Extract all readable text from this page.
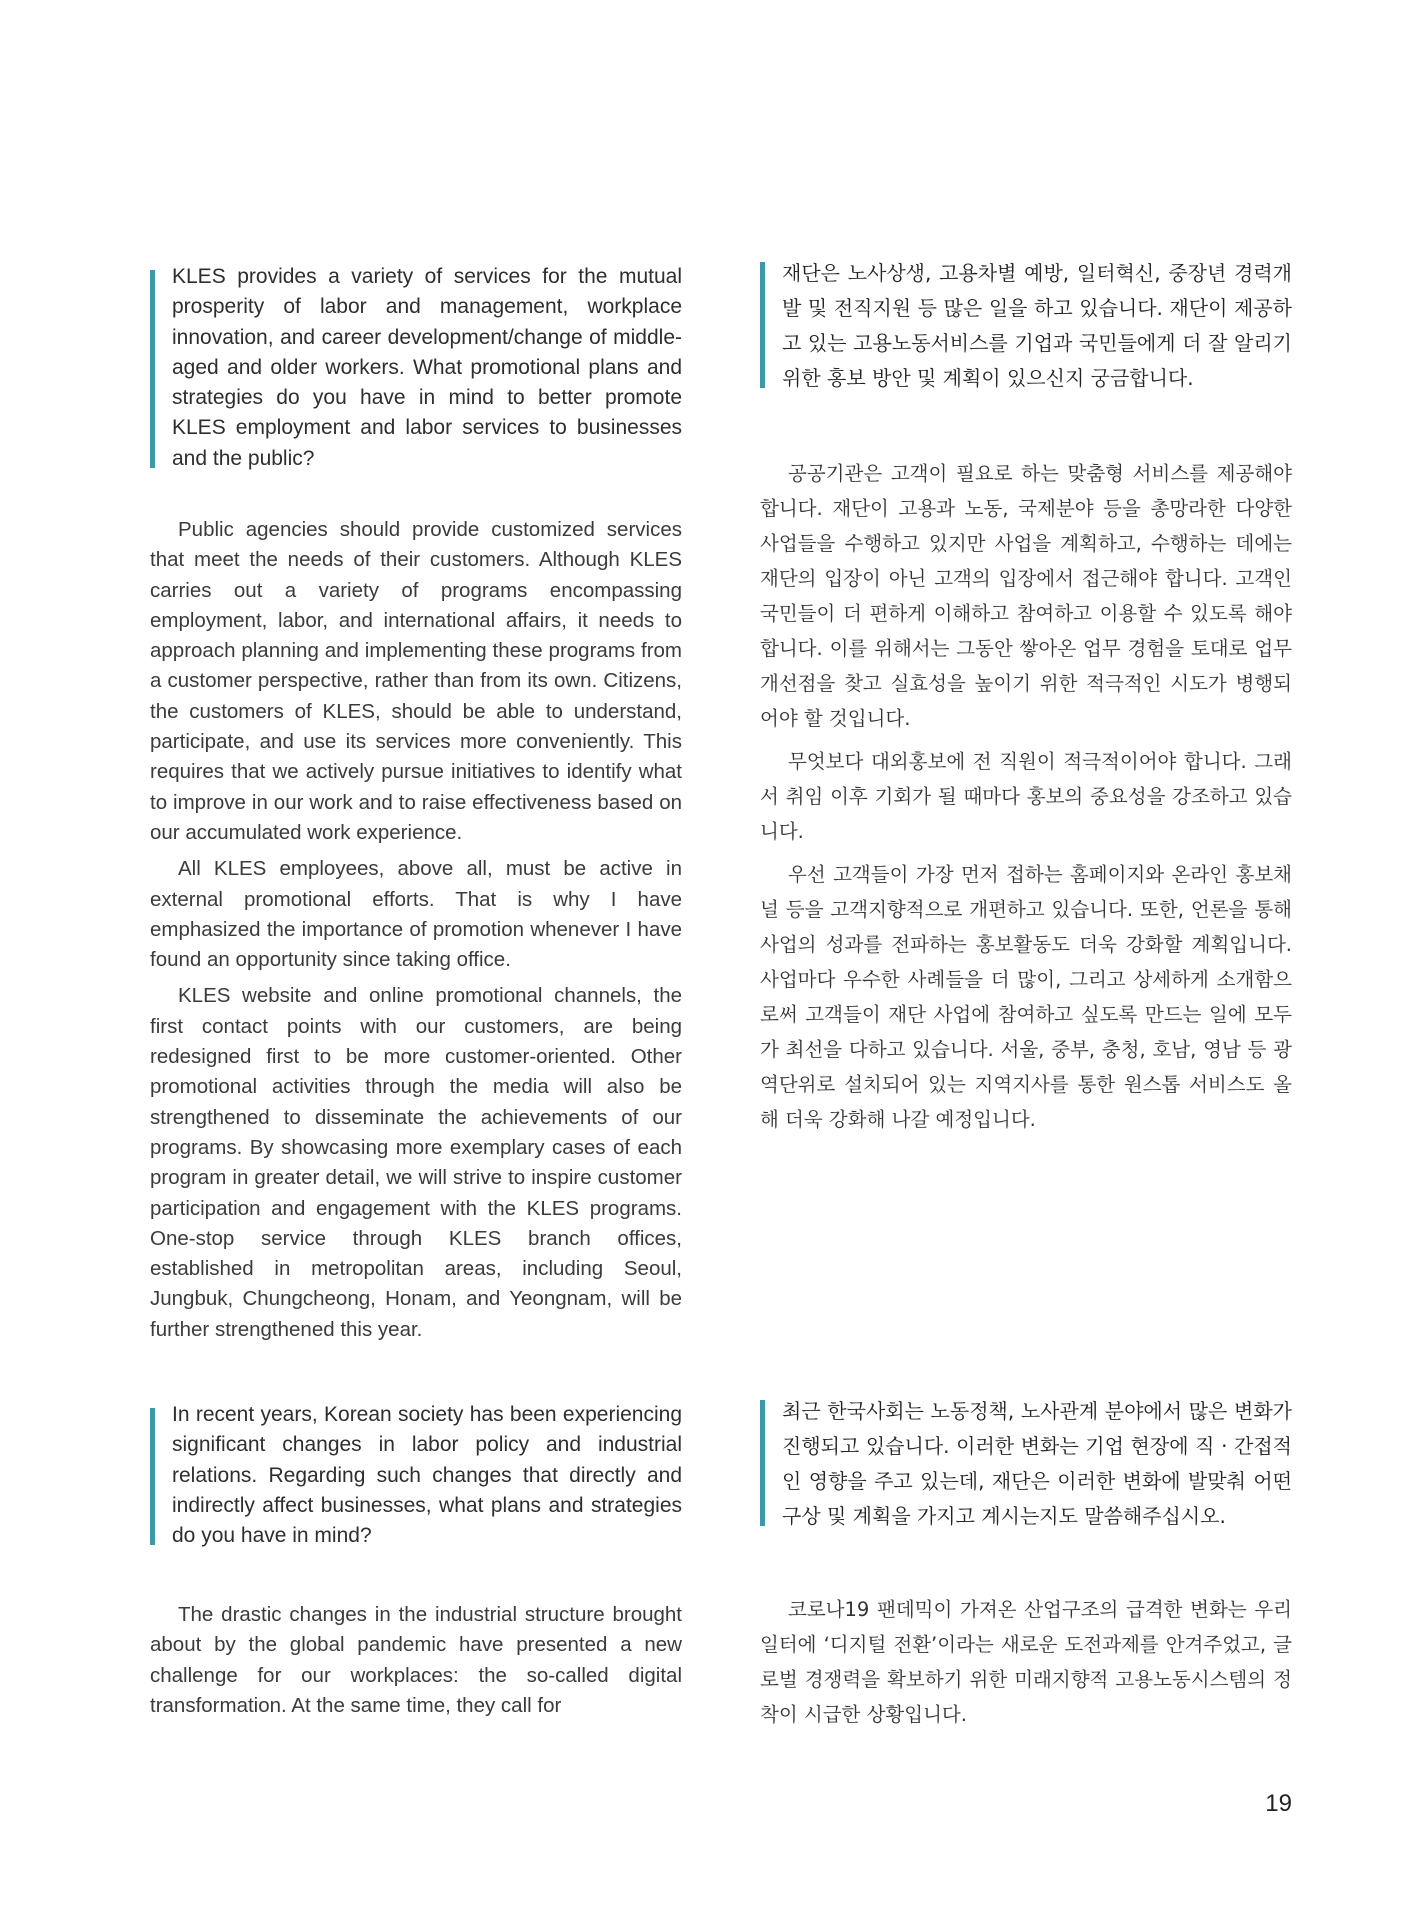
KLES provides a variety of services for the mutual prosperity of labor and management, workplace innovation, and career development/change of middle-aged and older workers. What promotional plans and strategies do you have in mind to better promote KLES employment and labor services to businesses and the public?

Public agencies should provide customized services that meet the needs of their customers. Although KLES carries out a variety of programs encompassing employment, labor, and international affairs, it needs to approach planning and implementing these programs from a customer perspective, rather than from its own. Citizens, the customers of KLES, should be able to understand, participate, and use its services more conveniently. This requires that we actively pursue initiatives to identify what to improve in our work and to raise effectiveness based on our accumulated work experience.

All KLES employees, above all, must be active in external promotional efforts. That is why I have emphasized the importance of promotion whenever I have found an opportunity since taking office.

KLES website and online promotional channels, the first contact points with our customers, are being redesigned first to be more customer-oriented. Other promotional activities through the media will also be strengthened to disseminate the achievements of our programs. By showcasing more exemplary cases of each program in greater detail, we will strive to inspire customer participation and engagement with the KLES programs. One-stop service through KLES branch offices, established in metropolitan areas, including Seoul, Jungbuk, Chungcheong, Honam, and Yeongnam, will be further strengthened this year.

In recent years, Korean society has been experiencing significant changes in labor policy and industrial relations. Regarding such changes that directly and indirectly affect businesses, what plans and strategies do you have in mind?

The drastic changes in the industrial structure brought about by the global pandemic have presented a new challenge for our workplaces: the so-called digital transformation. At the same time, they call for

재단은 노사상생, 고용차별 예방, 일터혁신, 중장년 경력개발 및 전직지원 등 많은 일을 하고 있습니다. 재단이 제공하고 있는 고용노동서비스를 기업과 국민들에게 더 잘 알리기 위한 홍보 방안 및 계획이 있으신지 궁금합니다.

공공기관은 고객이 필요로 하는 맞춤형 서비스를 제공해야 합니다. 재단이 고용과 노동, 국제분야 등을 총망라한 다양한 사업들을 수행하고 있지만 사업을 계획하고, 수행하는 데에는 재단의 입장이 아닌 고객의 입장에서 접근해야 합니다. 고객인 국민들이 더 편하게 이해하고 참여하고 이용할 수 있도록 해야 합니다. 이를 위해서는 그동안 쌓아온 업무 경험을 토대로 업무 개선점을 찾고 실효성을 높이기 위한 적극적인 시도가 병행되어야 할 것입니다.

무엇보다 대외홍보에 전 직원이 적극적이어야 합니다. 그래서 취임 이후 기회가 될 때마다 홍보의 중요성을 강조하고 있습니다.

우선 고객들이 가장 먼저 접하는 홈페이지와 온라인 홍보채널 등을 고객지향적으로 개편하고 있습니다. 또한, 언론을 통해 사업의 성과를 전파하는 홍보활동도 더욱 강화할 계획입니다. 사업마다 우수한 사례들을 더 많이, 그리고 상세하게 소개함으로써 고객들이 재단 사업에 참여하고 싶도록 만드는 일에 모두가 최선을 다하고 있습니다. 서울, 중부, 충청, 호남, 영남 등 광역단위로 설치되어 있는 지역지사를 통한 원스톱 서비스도 올해 더욱 강화해 나갈 예정입니다.

최근 한국사회는 노동정책, 노사관계 분야에서 많은 변화가 진행되고 있습니다. 이러한 변화는 기업 현장에 직 · 간접적인 영향을 주고 있는데, 재단은 이러한 변화에 발맞춰 어떤 구상 및 계획을 가지고 계시는지도 말씀해주십시오.

코로나19 팬데믹이 가져온 산업구조의 급격한 변화는 우리 일터에 ‘디지털 전환’이라는 새로운 도전과제를 안겨주었고, 글로벌 경쟁력을 확보하기 위한 미래지향적 고용노동시스템의 정착이 시급한 상황입니다.

19
